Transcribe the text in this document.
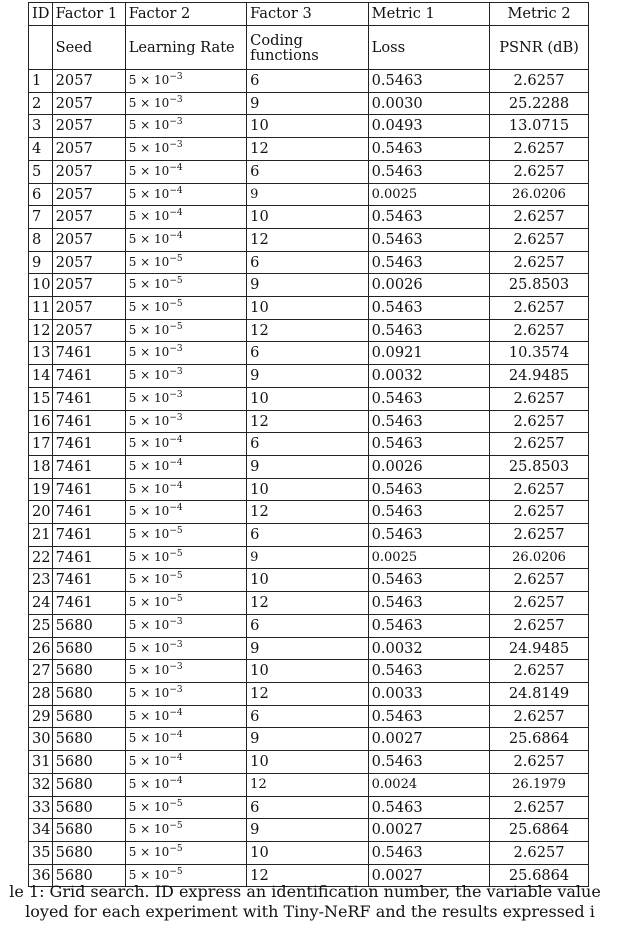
ID	Factor 1	Factor 2	Factor 3	Metric 1	Metric 2
	Seed	Learning Rate	Coding functions	Loss	PSNR (dB)
1	2057	$5 \times 10^{-3}$	6	0.5463	2.6257
2	2057	$5 \times 10^{-3}$	9	0.0030	25.2288
3	2057	$5 \times 10^{-3}$	10	0.0493	13.0715
4	2057	$5 \times 10^{-3}$	12	0.5463	2.6257
5	2057	$5 \times 10^{-4}$	6	0.5463	2.6257
6	2057	$5 \times 10^{-4}$	9	0.0025	26.0206
7	2057	$5 \times 10^{-4}$	10	0.5463	2.6257
8	2057	$5 \times 10^{-4}$	12	0.5463	2.6257
9	2057	$5 \times 10^{-5}$	6	0.5463	2.6257
10	2057	$5 \times 10^{-5}$	9	0.0026	25.8503
11	2057	$5 \times 10^{-5}$	10	0.5463	2.6257
12	2057	$5 \times 10^{-5}$	12	0.5463	2.6257
13	7461	$5 \times 10^{-3}$	6	0.0921	10.3574
14	7461	$5 \times 10^{-3}$	9	0.0032	24.9485
15	7461	$5 \times 10^{-3}$	10	0.5463	2.6257
16	7461	$5 \times 10^{-3}$	12	0.5463	2.6257
17	7461	$5 \times 10^{-4}$	6	0.5463	2.6257
18	7461	$5 \times 10^{-4}$	9	0.0026	25.8503
19	7461	$5 \times 10^{-4}$	10	0.5463	2.6257
20	7461	$5 \times 10^{-4}$	12	0.5463	2.6257
21	7461	$5 \times 10^{-5}$	6	0.5463	2.6257
22	7461	$5 \times 10^{-5}$	9	0.0025	26.0206
23	7461	$5 \times 10^{-5}$	10	0.5463	2.6257
24	7461	$5 \times 10^{-5}$	12	0.5463	2.6257
25	5680	$5 \times 10^{-3}$	6	0.5463	2.6257
26	5680	$5 \times 10^{-3}$	9	0.0032	24.9485
27	5680	$5 \times 10^{-3}$	10	0.5463	2.6257
28	5680	$5 \times 10^{-3}$	12	0.0033	24.8149
29	5680	$5 \times 10^{-4}$	6	0.5463	2.6257
30	5680	$5 \times 10^{-4}$	9	0.0027	25.6864
31	5680	$5 \times 10^{-4}$	10	0.5463	2.6257
32	5680	$5 \times 10^{-4}$	12	0.0024	26.1979
33	5680	$5 \times 10^{-5}$	6	0.5463	2.6257
34	5680	$5 \times 10^{-5}$	9	0.0027	25.6864
35	5680	$5 \times 10^{-5}$	10	0.5463	2.6257
36	5680	$5 \times 10^{-5}$	12	0.0027	25.6864
le 1: Grid search. ID express an identification number, the variable value
loyed for each experiment with Tiny-NeRF and the results expressed i
